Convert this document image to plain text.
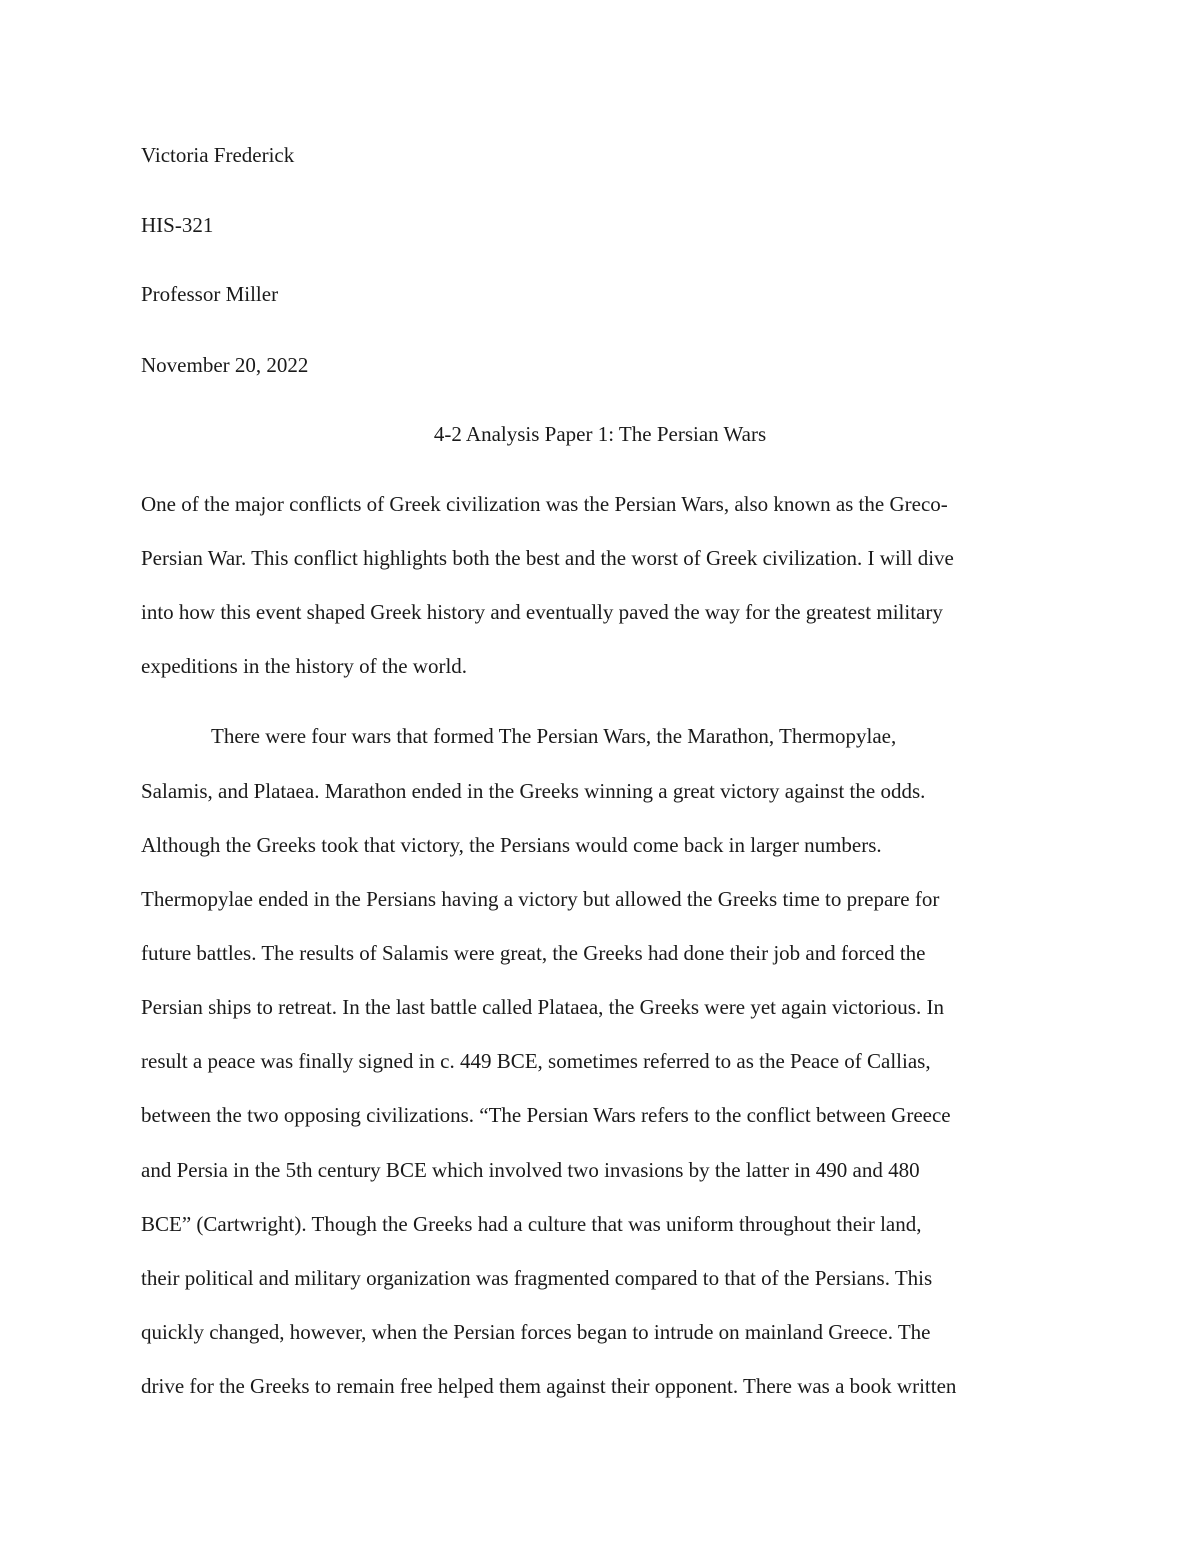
Victoria Frederick

HIS-321

Professor Miller

November 20, 2022

4-2 Analysis Paper 1: The Persian Wars

One of the major conflicts of Greek civilization was the Persian Wars, also known as the Greco-

Persian War. This conflict highlights both the best and the worst of Greek civilization. I will dive

into how this event shaped Greek history and eventually paved the way for the greatest military

expeditions in the history of the world.

There were four wars that formed The Persian Wars, the Marathon, Thermopylae,

Salamis, and Plataea. Marathon ended in the Greeks winning a great victory against the odds.

Although the Greeks took that victory, the Persians would come back in larger numbers.

Thermopylae ended in the Persians having a victory but allowed the Greeks time to prepare for

future battles. The results of Salamis were great, the Greeks had done their job and forced the

Persian ships to retreat. In the last battle called Plataea, the Greeks were yet again victorious. In

result a peace was finally signed in c. 449 BCE, sometimes referred to as the Peace of Callias,

between the two opposing civilizations. “The Persian Wars refers to the conflict between Greece

and Persia in the 5th century BCE which involved two invasions by the latter in 490 and 480

BCE” (Cartwright). Though the Greeks had a culture that was uniform throughout their land,

their political and military organization was fragmented compared to that of the Persians. This

quickly changed, however, when the Persian forces began to intrude on mainland Greece. The

drive for the Greeks to remain free helped them against their opponent. There was a book written
